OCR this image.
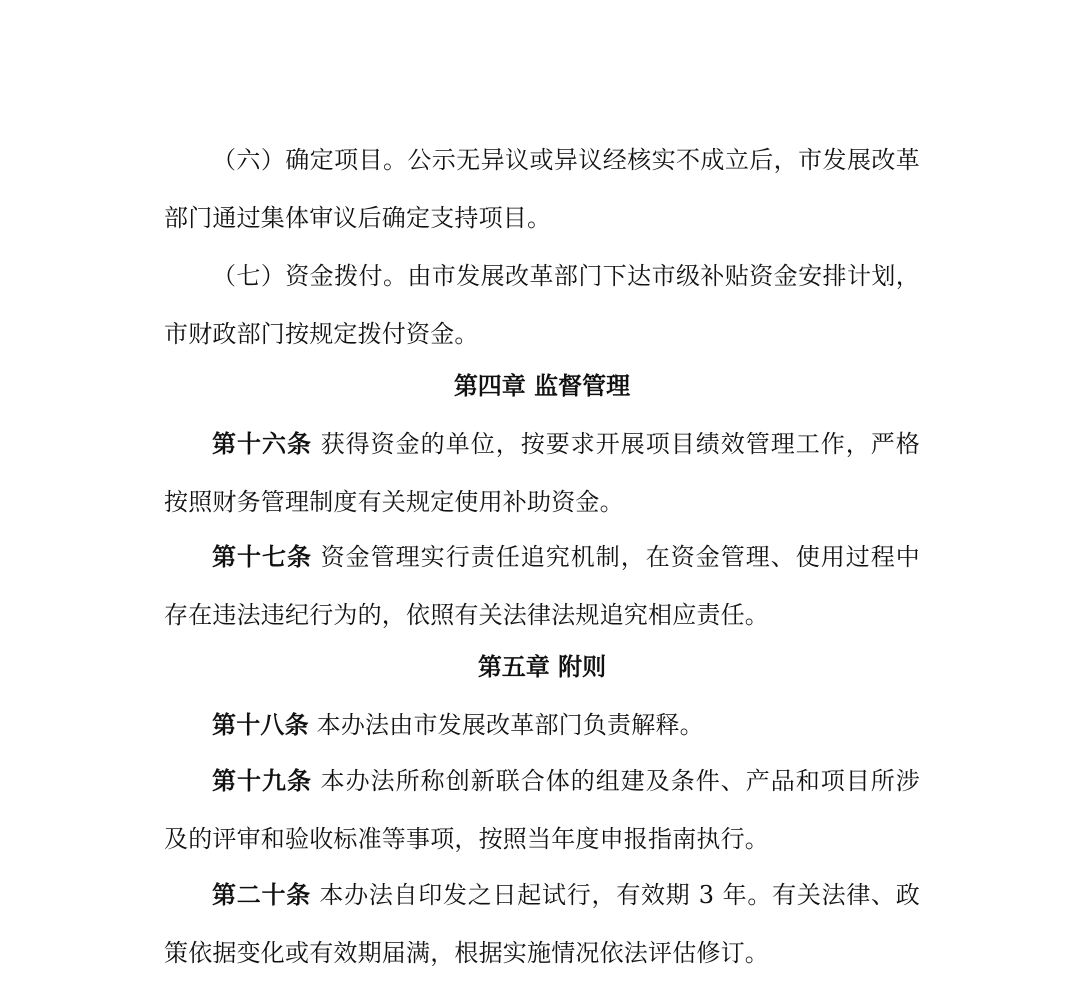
（六）确定项目。公示无异议或异议经核实不成立后，市发展改革部门通过集体审议后确定支持项目。

（七）资金拨付。由市发展改革部门下达市级补贴资金安排计划，市财政部门按规定拨付资金。

第四章 监督管理

第十六条 获得资金的单位，按要求开展项目绩效管理工作，严格按照财务管理制度有关规定使用补助资金。

第十七条 资金管理实行责任追究机制，在资金管理、使用过程中存在违法违纪行为的，依照有关法律法规追究相应责任。

第五章 附则

第十八条 本办法由市发展改革部门负责解释。

第十九条 本办法所称创新联合体的组建及条件、产品和项目所涉及的评审和验收标准等事项，按照当年度申报指南执行。

第二十条 本办法自印发之日起试行，有效期 3 年。有关法律、政策依据变化或有效期届满，根据实施情况依法评估修订。
